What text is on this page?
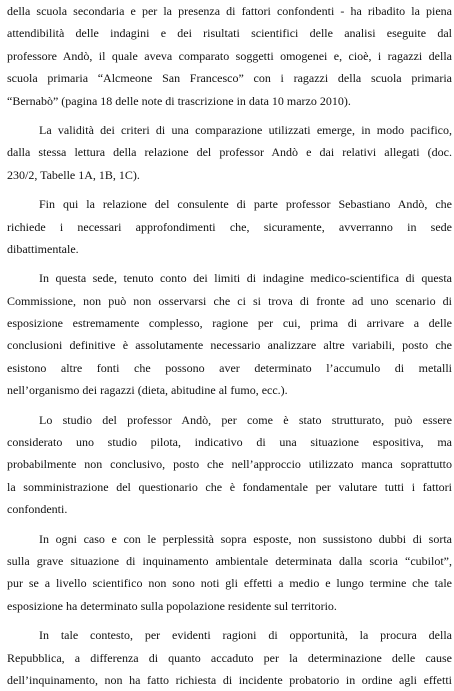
della scuola secondaria e per la presenza di fattori confondenti - ha ribadito la piena
attendibilità delle indagini e dei risultati scientifici delle analisi eseguite dal
professore Andò, il quale aveva comparato soggetti omogenei e, cioè, i ragazzi della
scuola primaria “Alcmeone San Francesco” con i ragazzi della scuola primaria
“Bernabò” (pagina 18 delle note di trascrizione in data 10 marzo 2010).
La validità dei criteri di una comparazione utilizzati emerge, in modo pacifico,
dalla stessa lettura della relazione del professor Andò e dai relativi allegati (doc.
230/2, Tabelle 1A, 1B, 1C).
Fin qui la relazione del consulente di parte professor Sebastiano Andò, che
richiede i necessari approfondimenti che, sicuramente, avverranno in sede
dibattimentale.
In questa sede, tenuto conto dei limiti di indagine medico-scientifica di questa
Commissione, non può non osservarsi che ci si trova di fronte ad uno scenario di
esposizione estremamente complesso, ragione per cui, prima di arrivare a delle
conclusioni definitive è assolutamente necessario analizzare altre variabili, posto che
esistono altre fonti che possono aver determinato l’accumulo di metalli
nell’organismo dei ragazzi (dieta, abitudine al fumo, ecc.).
Lo studio del professor Andò, per come è stato strutturato, può essere
considerato uno studio pilota, indicativo di una situazione espositiva, ma
probabilmente non conclusivo, posto che nell’approccio utilizzato manca soprattutto
la somministrazione del questionario che è fondamentale per valutare tutti i fattori
confondenti.
In ogni caso e con le perplessità sopra esposte, non sussistono dubbi di sorta
sulla grave situazione di inquinamento ambientale determinata dalla scoria “cubilot”,
pur se a livello scientifico non sono noti gli effetti a medio e lungo termine che tale
esposizione ha determinato sulla popolazione residente sul territorio.
In tale contesto, per evidenti ragioni di opportunità, la procura della
Repubblica, a differenza di quanto accaduto per la determinazione delle cause
dell’inquinamento, non ha fatto richiesta di incidente probatorio in ordine agli effetti
